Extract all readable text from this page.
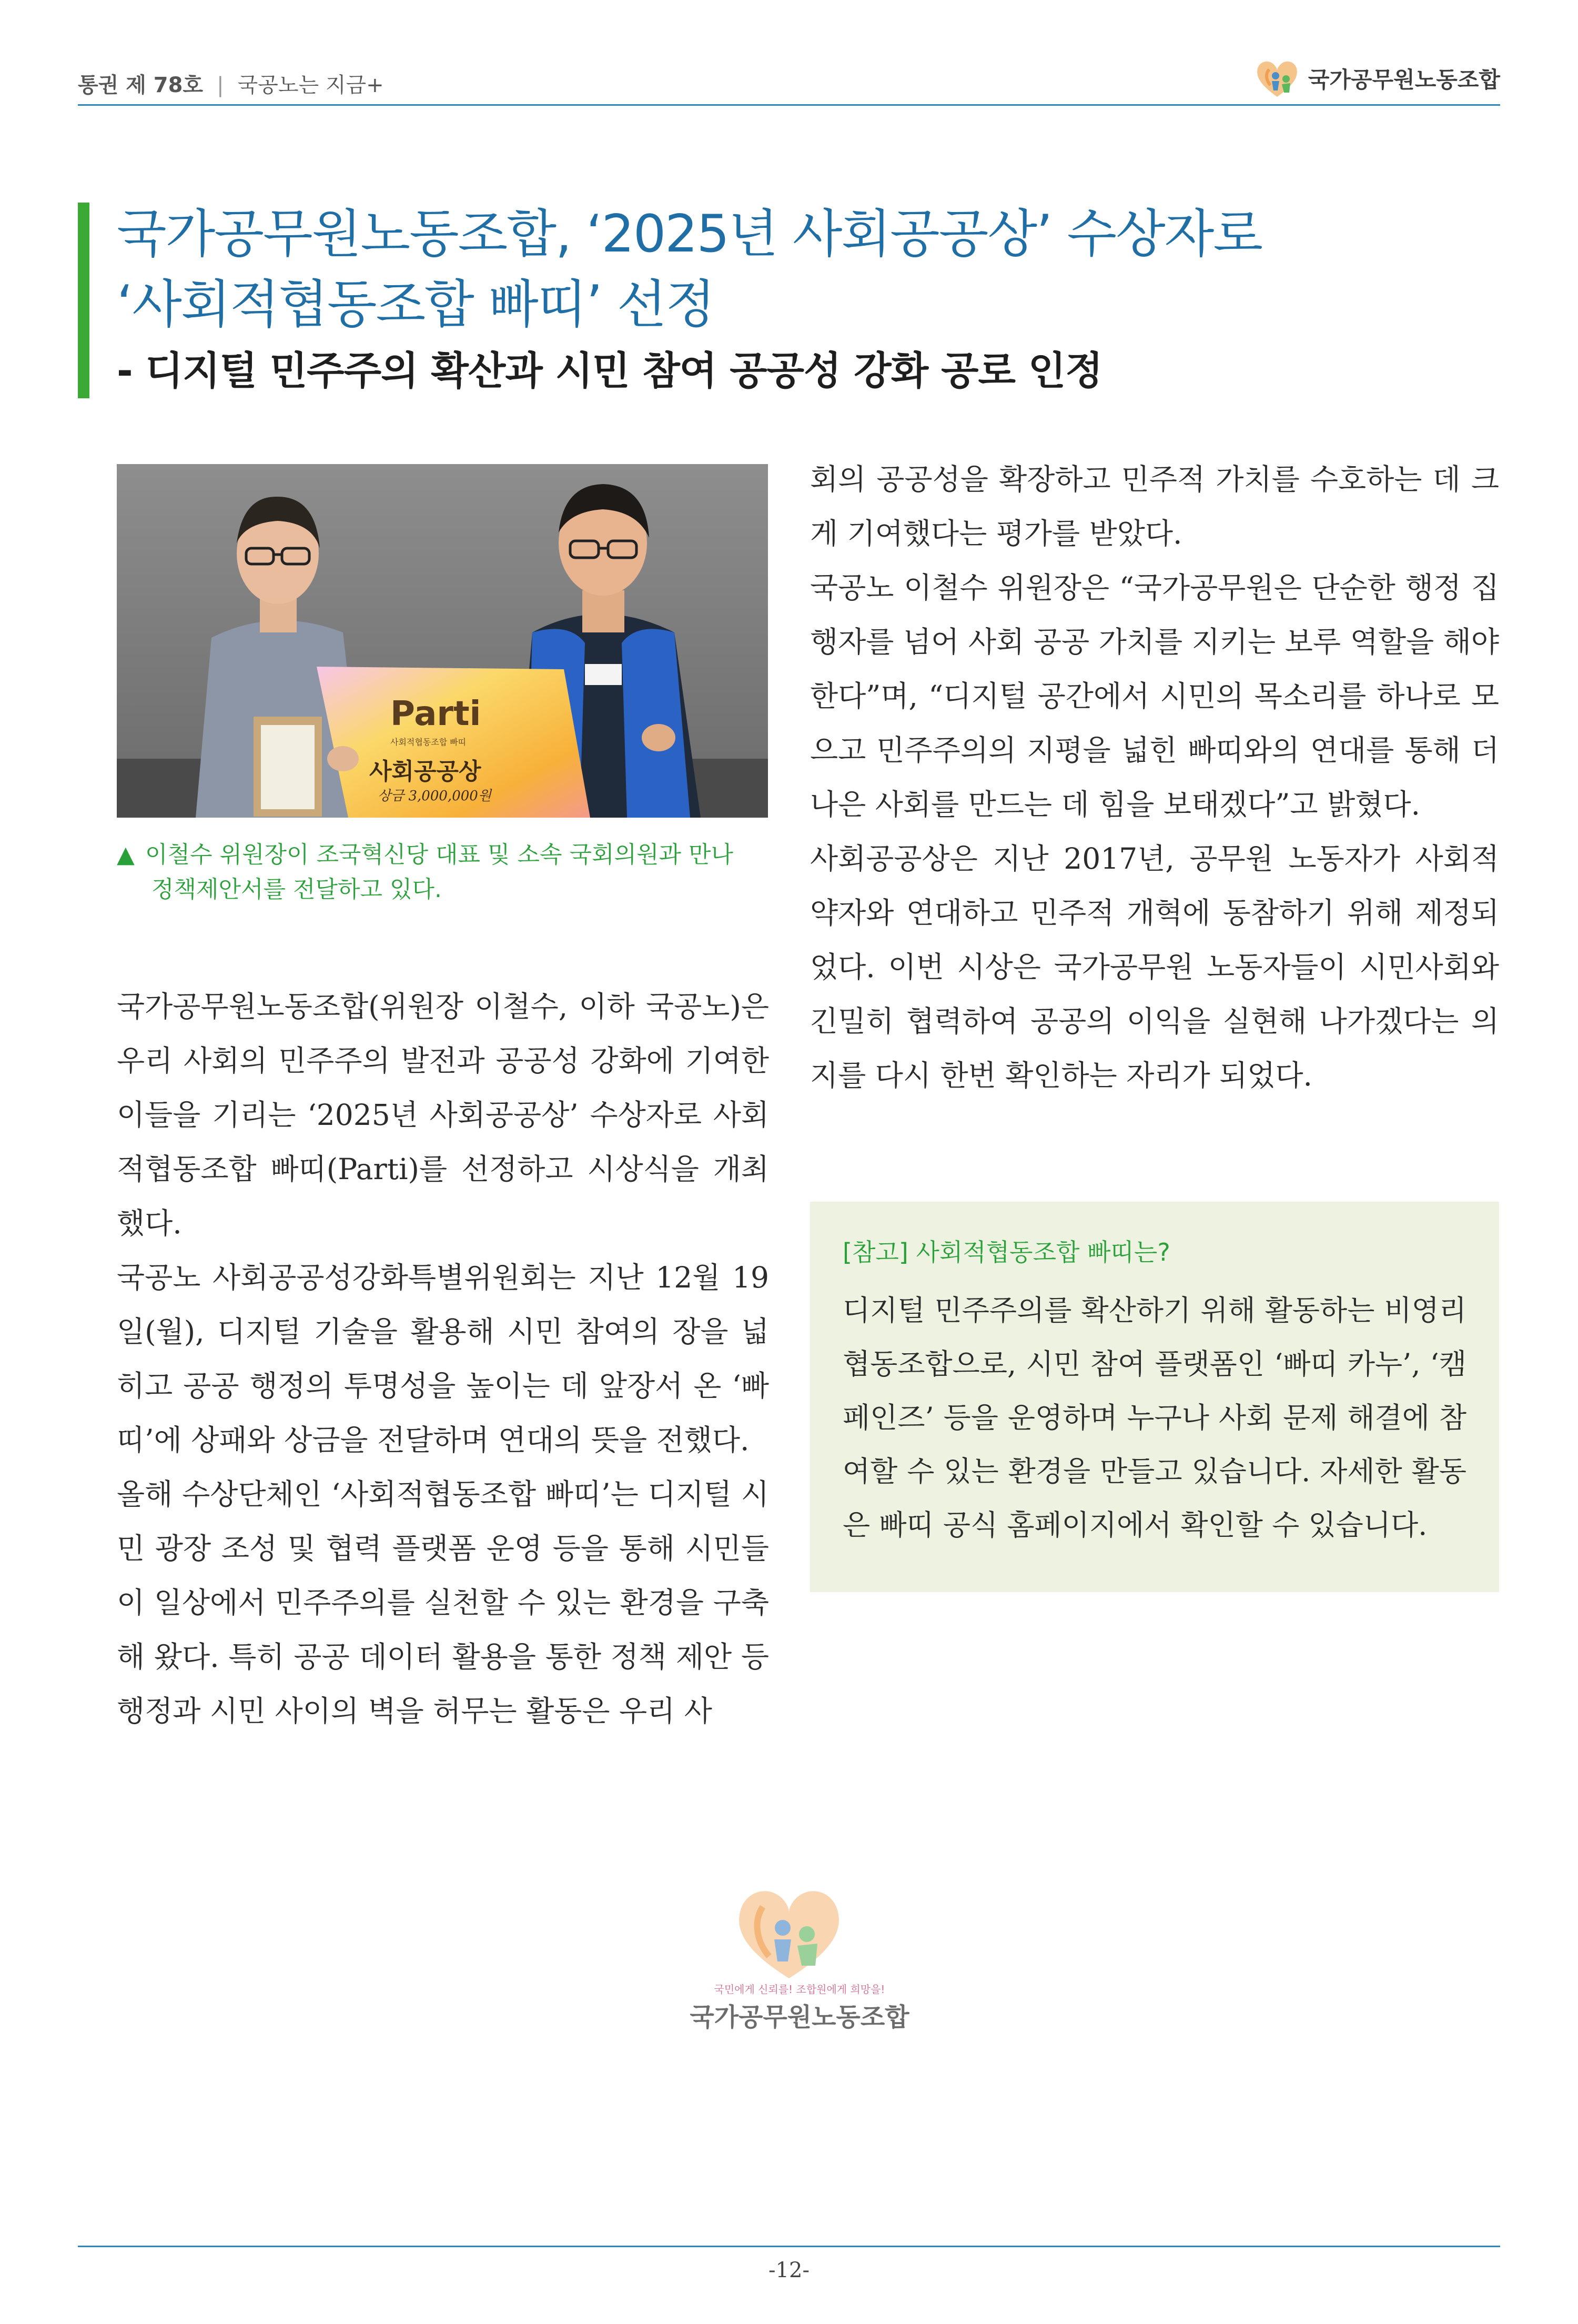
통권 제 78호 | 국공노는 지금+	국가공무원노동조합
국가공무원노동조합, ‘2025년 사회공공상’ 수상자로
‘사회적협동조합 빠띠’ 선정
- 디지털 민주주의 확산과 시민 참여 공공성 강화 공로 인정
Parti
사회적협동조합 빠띠
사회공공상
상금 3,000,000원
▲ 이철수 위원장이 조국혁신당 대표 및 소속 국회의원과 만나
정책제안서를 전달하고 있다.

국가공무원노동조합(위원장 이철수, 이하 국공노)은 우리 사회의 민주주의 발전과 공공성 강화에 기여한 이들을 기리는 ‘2025년 사회공공상’ 수상자로 사회적협동조합 빠띠(Parti)를 선정하고 시상식을 개최했다.

국공노 사회공공성강화특별위원회는 지난 12월 19일(월), 디지털 기술을 활용해 시민 참여의 장을 넓히고 공공 행정의 투명성을 높이는 데 앞장서 온 ‘빠띠’에 상패와 상금을 전달하며 연대의 뜻을 전했다.

올해 수상단체인 ‘사회적협동조합 빠띠’는 디지털 시민 광장 조성 및 협력 플랫폼 운영 등을 통해 시민들이 일상에서 민주주의를 실천할 수 있는 환경을 구축해 왔다. 특히 공공 데이터 활용을 통한 정책 제안 등 행정과 시민 사이의 벽을 허무는 활동은 우리 사

회의 공공성을 확장하고 민주적 가치를 수호하는 데 크게 기여했다는 평가를 받았다.

국공노 이철수 위원장은 “국가공무원은 단순한 행정 집행자를 넘어 사회 공공 가치를 지키는 보루 역할을 해야 한다”며, “디지털 공간에서 시민의 목소리를 하나로 모으고 민주주의의 지평을 넓힌 빠띠와의 연대를 통해 더 나은 사회를 만드는 데 힘을 보태겠다”고 밝혔다.

사회공공상은 지난 2017년, 공무원 노동자가 사회적 약자와 연대하고 민주적 개혁에 동참하기 위해 제정되었다. 이번 시상은 국가공무원 노동자들이 시민사회와 긴밀히 협력하여 공공의 이익을 실현해 나가겠다는 의지를 다시 한번 확인하는 자리가 되었다.

[참고] 사회적협동조합 빠띠는?
디지털 민주주의를 확산하기 위해 활동하는 비영리 협동조합으로, 시민 참여 플랫폼인 ‘빠띠 카누’, ‘캠페인즈’ 등을 운영하며 누구나 사회 문제 해결에 참여할 수 있는 환경을 만들고 있습니다. 자세한 활동은 빠띠 공식 홈페이지에서 확인할 수 있습니다.
국민에게 신뢰를! 조합원에게 희망을!
국가공무원노동조합
-12-
